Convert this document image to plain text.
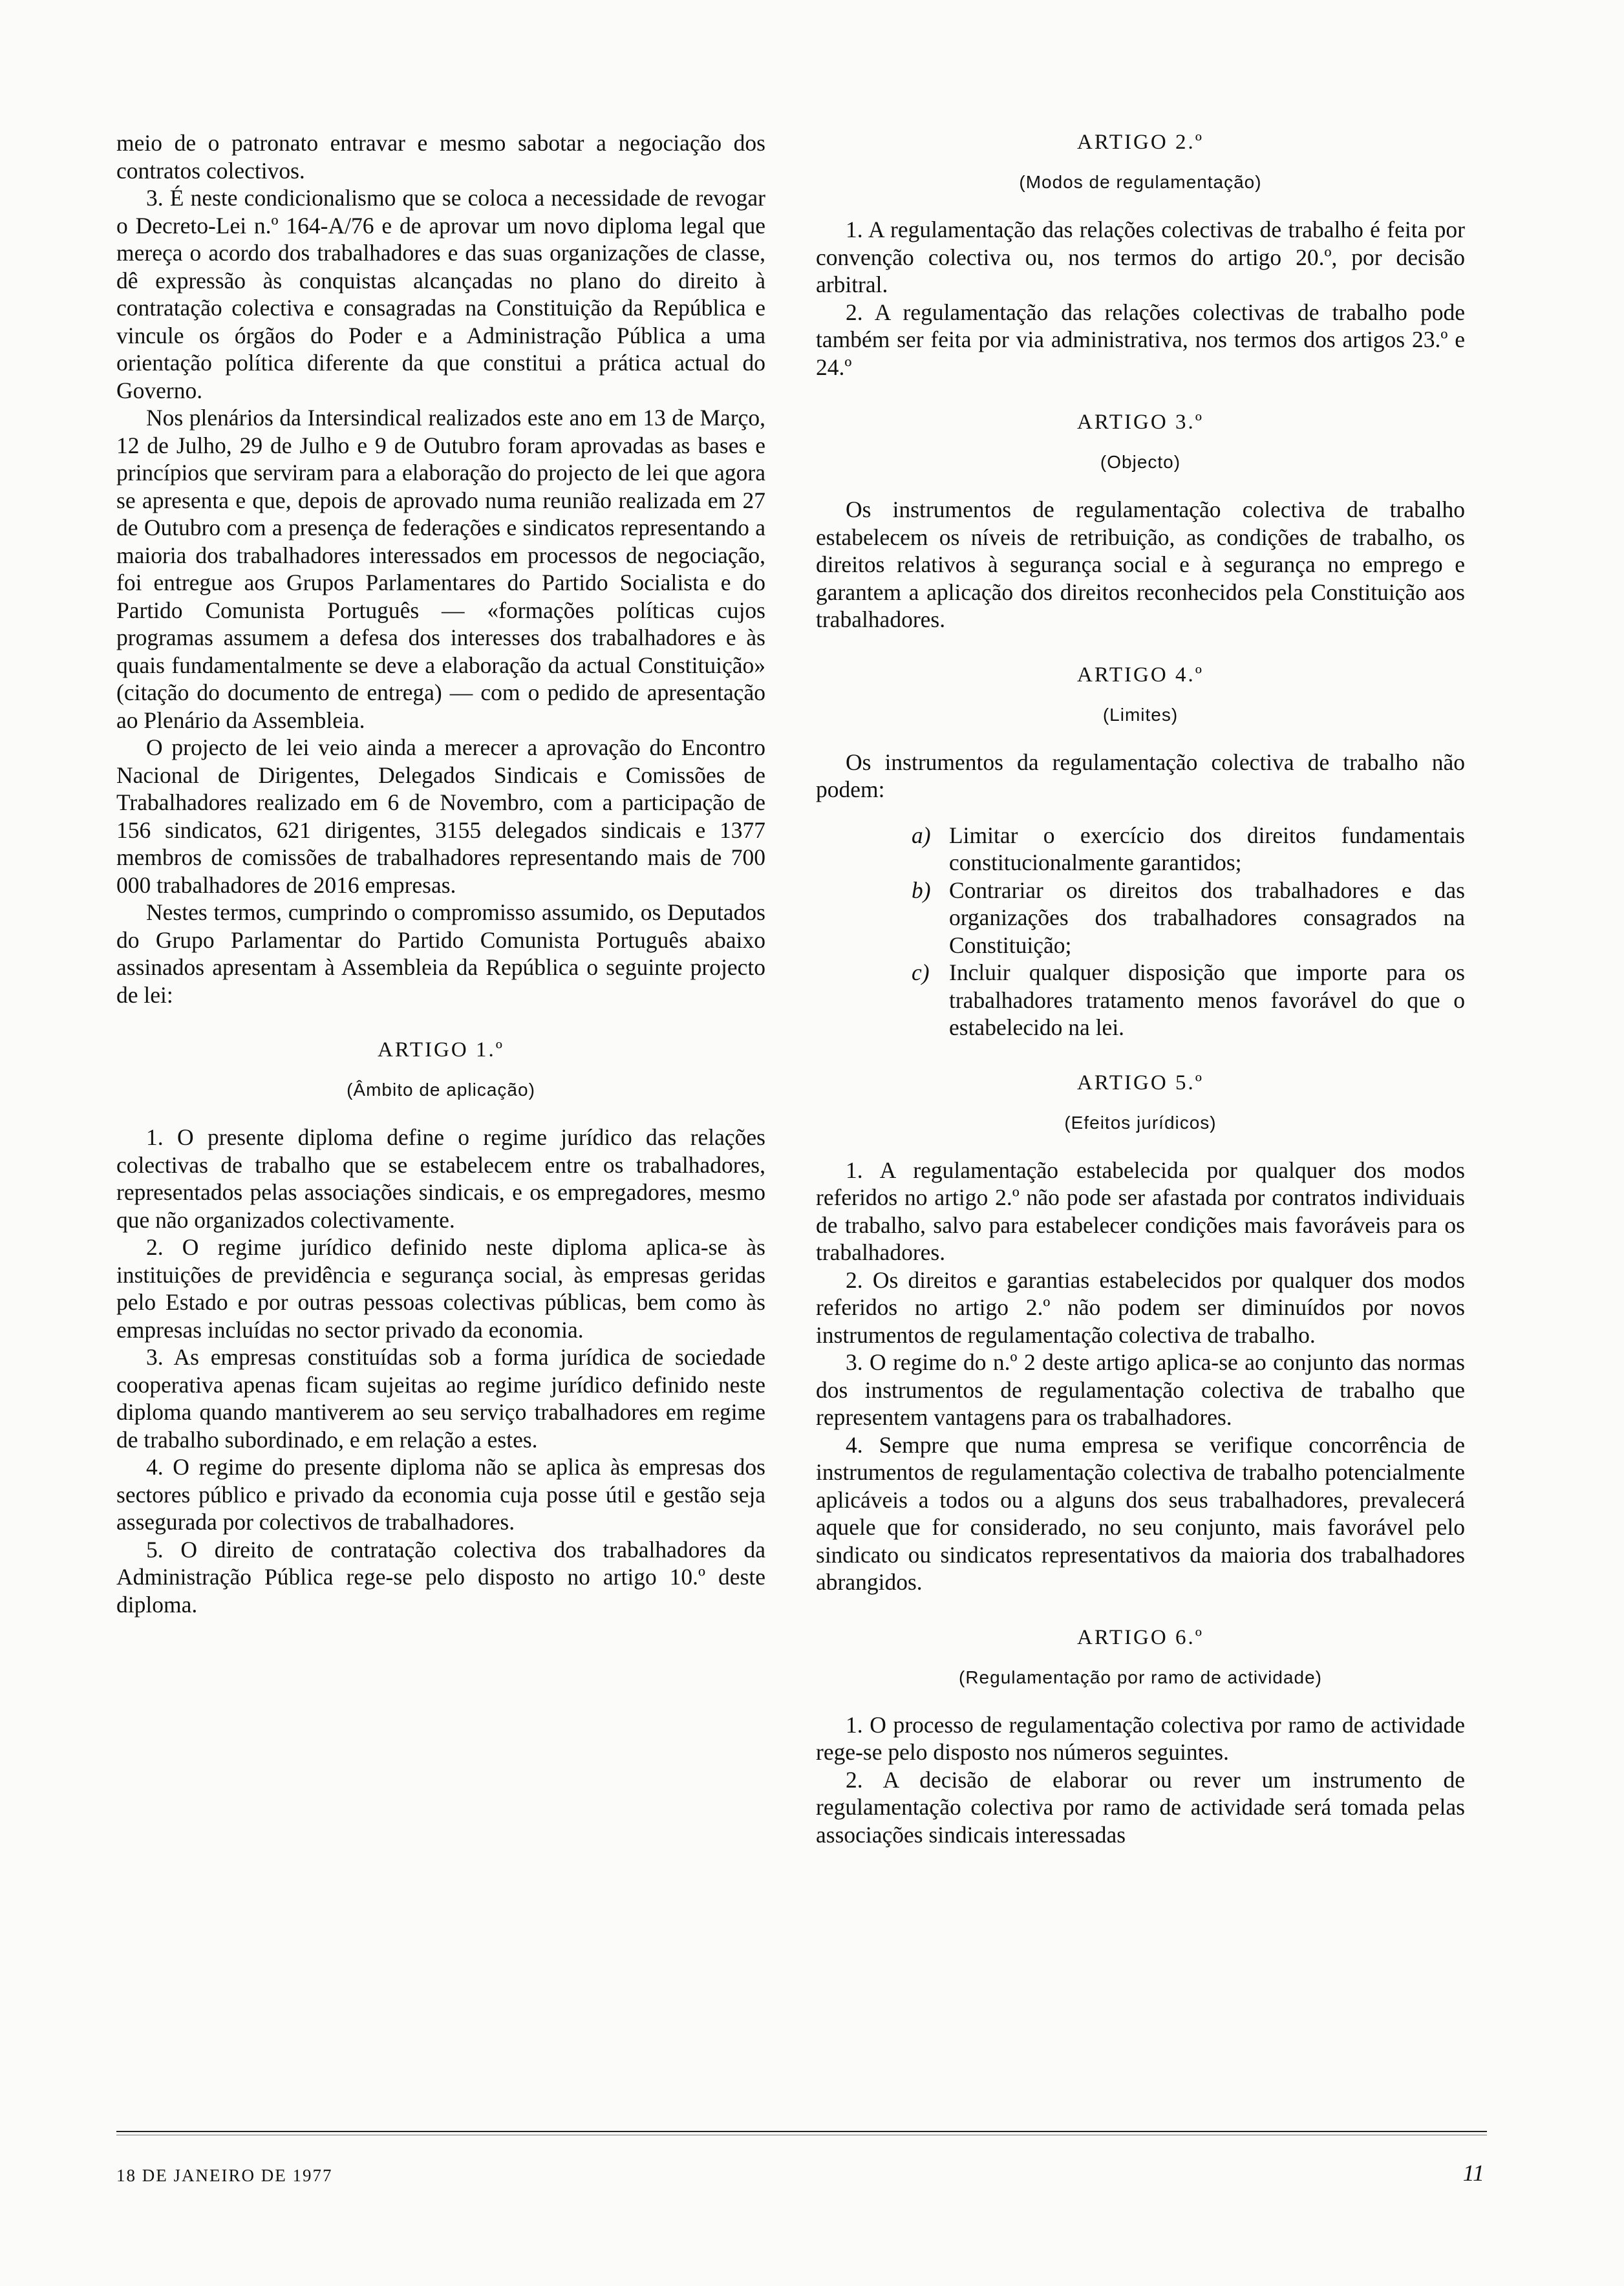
meio de o patronato entravar e mesmo sabotar a negociação dos contratos colectivos.

3. É neste condicionalismo que se coloca a necessidade de revogar o Decreto-Lei n.º 164-A/76 e de aprovar um novo diploma legal que mereça o acordo dos trabalhadores e das suas organizações de classe, dê expressão às conquistas alcançadas no plano do direito à contratação colectiva e consagradas na Constituição da República e vincule os órgãos do Poder e a Administração Pública a uma orientação política diferente da que constitui a prática actual do Governo.

Nos plenários da Intersindical realizados este ano em 13 de Março, 12 de Julho, 29 de Julho e 9 de Outubro foram aprovadas as bases e princípios que serviram para a elaboração do projecto de lei que agora se apresenta e que, depois de aprovado numa reunião realizada em 27 de Outubro com a presença de federações e sindicatos representando a maioria dos trabalhadores interessados em processos de negociação, foi entregue aos Grupos Parlamentares do Partido Socialista e do Partido Comunista Português — «formações políticas cujos programas assumem a defesa dos interesses dos trabalhadores e às quais fundamentalmente se deve a elaboração da actual Constituição» (citação do documento de entrega) — com o pedido de apresentação ao Plenário da Assembleia.

O projecto de lei veio ainda a merecer a aprovação do Encontro Nacional de Dirigentes, Delegados Sindicais e Comissões de Trabalhadores realizado em 6 de Novembro, com a participação de 156 sindicatos, 621 dirigentes, 3155 delegados sindicais e 1377 membros de comissões de trabalhadores representando mais de 700 000 trabalhadores de 2016 empresas.

Nestes termos, cumprindo o compromisso assumido, os Deputados do Grupo Parlamentar do Partido Comunista Português abaixo assinados apresentam à Assembleia da República o seguinte projecto de lei:

ARTIGO 1.º
(Âmbito de aplicação)

1. O presente diploma define o regime jurídico das relações colectivas de trabalho que se estabelecem entre os trabalhadores, representados pelas associações sindicais, e os empregadores, mesmo que não organizados colectivamente.

2. O regime jurídico definido neste diploma aplica-se às instituições de previdência e segurança social, às empresas geridas pelo Estado e por outras pessoas colectivas públicas, bem como às empresas incluídas no sector privado da economia.

3. As empresas constituídas sob a forma jurídica de sociedade cooperativa apenas ficam sujeitas ao regime jurídico definido neste diploma quando mantiverem ao seu serviço trabalhadores em regime de trabalho subordinado, e em relação a estes.

4. O regime do presente diploma não se aplica às empresas dos sectores público e privado da economia cuja posse útil e gestão seja assegurada por colectivos de trabalhadores.

5. O direito de contratação colectiva dos trabalhadores da Administração Pública rege-se pelo disposto no artigo 10.º deste diploma.

ARTIGO 2.º
(Modos de regulamentação)

1. A regulamentação das relações colectivas de trabalho é feita por convenção colectiva ou, nos termos do artigo 20.º, por decisão arbitral.

2. A regulamentação das relações colectivas de trabalho pode também ser feita por via administrativa, nos termos dos artigos 23.º e 24.º

ARTIGO 3.º
(Objecto)

Os instrumentos de regulamentação colectiva de trabalho estabelecem os níveis de retribuição, as condições de trabalho, os direitos relativos à segurança social e à segurança no emprego e garantem a aplicação dos direitos reconhecidos pela Constituição aos trabalhadores.

ARTIGO 4.º
(Limites)

Os instrumentos da regulamentação colectiva de trabalho não podem:

a) Limitar o exercício dos direitos fundamentais constitucionalmente garantidos;
b) Contrariar os direitos dos trabalhadores e das organizações dos trabalhadores consagrados na Constituição;
c) Incluir qualquer disposição que importe para os trabalhadores tratamento menos favorável do que o estabelecido na lei.
ARTIGO 5.º
(Efeitos jurídicos)

1. A regulamentação estabelecida por qualquer dos modos referidos no artigo 2.º não pode ser afastada por contratos individuais de trabalho, salvo para estabelecer condições mais favoráveis para os trabalhadores.

2. Os direitos e garantias estabelecidos por qualquer dos modos referidos no artigo 2.º não podem ser diminuídos por novos instrumentos de regulamentação colectiva de trabalho.

3. O regime do n.º 2 deste artigo aplica-se ao conjunto das normas dos instrumentos de regulamentação colectiva de trabalho que representem vantagens para os trabalhadores.

4. Sempre que numa empresa se verifique concorrência de instrumentos de regulamentação colectiva de trabalho potencialmente aplicáveis a todos ou a alguns dos seus trabalhadores, prevalecerá aquele que for considerado, no seu conjunto, mais favorável pelo sindicato ou sindicatos representativos da maioria dos trabalhadores abrangidos.

ARTIGO 6.º
(Regulamentação por ramo de actividade)

1. O processo de regulamentação colectiva por ramo de actividade rege-se pelo disposto nos números seguintes.

2. A decisão de elaborar ou rever um instrumento de regulamentação colectiva por ramo de actividade será tomada pelas associações sindicais interessadas

18 DE JANEIRO DE 1977	11
